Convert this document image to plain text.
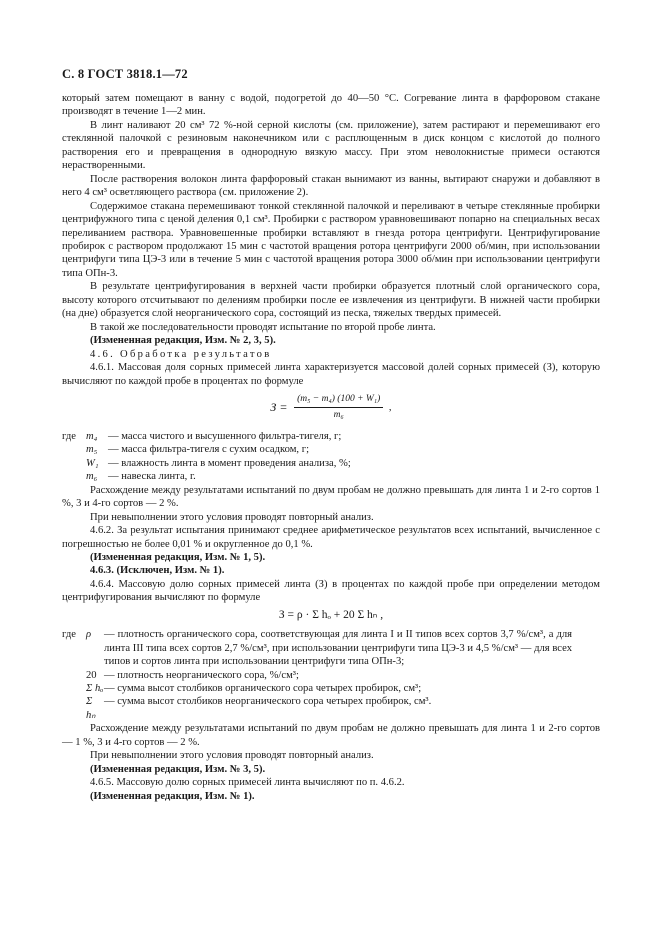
С. 8 ГОСТ 3818.1—72

который затем помещают в ванну с водой, подогретой до 40—50 °С. Согревание линта в фарфоровом стакане производят в течение 1—2 мин.

В линт наливают 20 см³ 72 %-ной серной кислоты (см. приложение), затем растирают и перемешивают его стеклянной палочкой с резиновым наконечником или с расплющенным в диск концом с кислотой до полного растворения его и превращения в однородную вязкую массу. При этом неволокнистые примеси остаются нерастворенными.

После растворения волокон линта фарфоровый стакан вынимают из ванны, вытирают снаружи и добавляют в него 4 см³ осветляющего раствора (см. приложение 2).

Содержимое стакана перемешивают тонкой стеклянной палочкой и переливают в четыре стеклянные пробирки центрифужного типа с ценой деления 0,1 см³. Пробирки с раствором уравновешивают попарно на специальных весах переливанием раствора. Уравновешенные пробирки вставляют в гнезда ротора центрифуги. Центрифугирование пробирок с раствором продолжают 15 мин с частотой вращения ротора центрифуги 2000 об/мин, при использовании центрифуги типа ЦЭ-3 или в течение 5 мин с частотой вращения ротора 3000 об/мин при использовании центрифуги типа ОПн-3.

В результате центрифугирования в верхней части пробирки образуется плотный слой органического сора, высоту которого отсчитывают по делениям пробирки после ее извлечения из центрифуги. В нижней части пробирки (на дне) образуется слой неорганического сора, состоящий из песка, тяжелых твердых примесей.

В такой же последовательности проводят испытание по второй пробе линта.

(Измененная редакция, Изм. № 2, 3, 5).

4.6. Обработка результатов

4.6.1. Массовая доля сорных примесей линта характеризуется массовой долей сорных примесей (З), которую вычисляют по каждой пробе в процентах по формуле

$З = \frac{\text{(m₅ − m₄) (100 + W₁)}}{\text{m₆}}$ ,
где	m₄	— масса чистого и высушенного фильтра-тигеля, г;
	m₅	— масса фильтра-тигеля с сухим осадком, г;
	W₁	— влажность линта в момент проведения анализа, %;
	m₆	— навеска линта, г.

Расхождение между результатами испытаний по двум пробам не должно превышать для линта 1 и 2-го сортов 1 %, 3 и 4-го сортов — 2 %.

При невыполнении этого условия проводят повторный анализ.

4.6.2. За результат испытания принимают среднее арифметическое результатов всех испытаний, вычисленное с погрешностью не более 0,01 % и округленное до 0,1 %.

(Измененная редакция, Изм. № 1, 5).

4.6.3. (Исключен, Изм. № 1).

4.6.4. Массовую долю сорных примесей линта (З) в процентах по каждой пробе при определении методом центрифугирования вычисляют по формуле

З = ρ · Σ hₒ + 20 Σ hₙ ,
где	ρ	— плотность органического сора, соответствующая для линта I и II типов всех сортов 3,7 %/см³, а для линта III типа всех сортов 2,7 %/см³, при использовании центрифуги типа ЦЭ-3 и 4,5 %/см³ — для всех типов и сортов линта при использовании центрифуги типа ОПн-3;
	20	— плотность неорганического сора, %/см³;
	Σ hₒ	— сумма высот столбиков органического сора четырех пробирок, см³;
	Σ hₙ	— сумма высот столбиков неорганического сора четырех пробирок, см³.

Расхождение между результатами испытаний по двум пробам не должно превышать для линта 1 и 2-го сортов — 1 %, 3 и 4-го сортов — 2 %.

При невыполнении этого условия проводят повторный анализ.

(Измененная редакция, Изм. № 3, 5).

4.6.5. Массовую долю сорных примесей линта вычисляют по п. 4.6.2.

(Измененная редакция, Изм. № 1).
